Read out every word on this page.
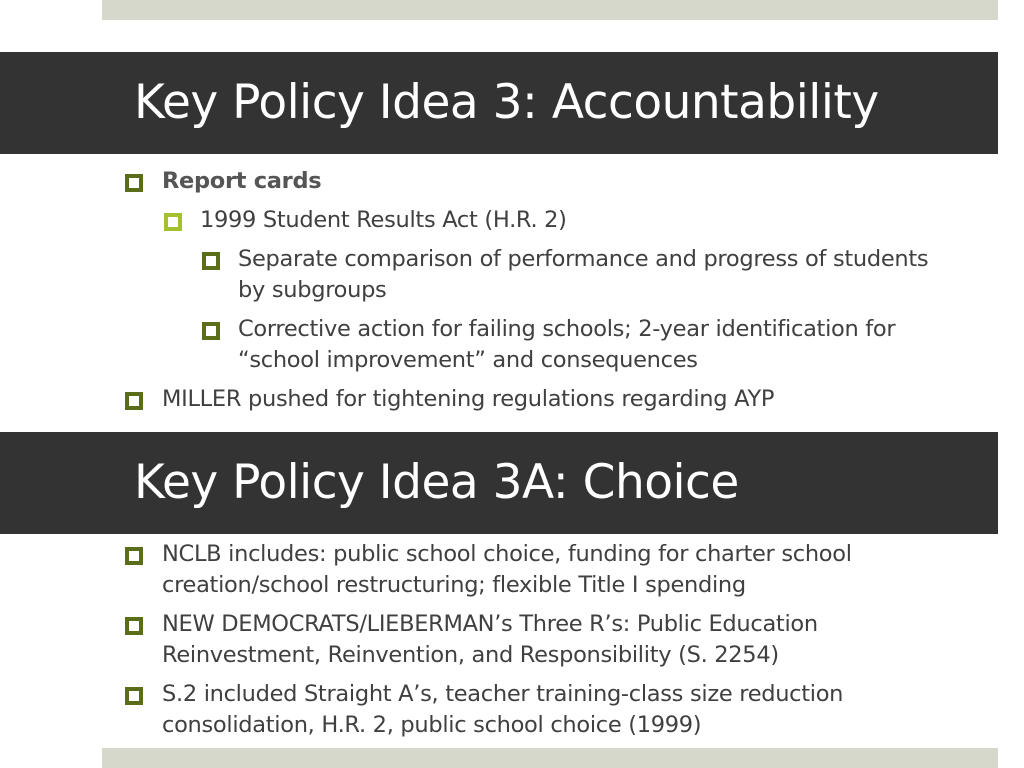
Key Policy Idea 3: Accountability
Report cards
1999 Student Results Act (H.R. 2)
Separate comparison of performance and progress of students by subgroups
Corrective action for failing schools; 2-year identification for “school improvement” and consequences
MILLER pushed for tightening regulations regarding AYP
Key Policy Idea 3A: Choice
NCLB includes: public school choice, funding for charter school creation/school restructuring; flexible Title I spending
NEW DEMOCRATS/LIEBERMAN’s Three R’s: Public Education Reinvestment, Reinvention, and Responsibility (S. 2254)
S.2 included Straight A’s, teacher training-class size reduction consolidation, H.R. 2, public school choice (1999)
